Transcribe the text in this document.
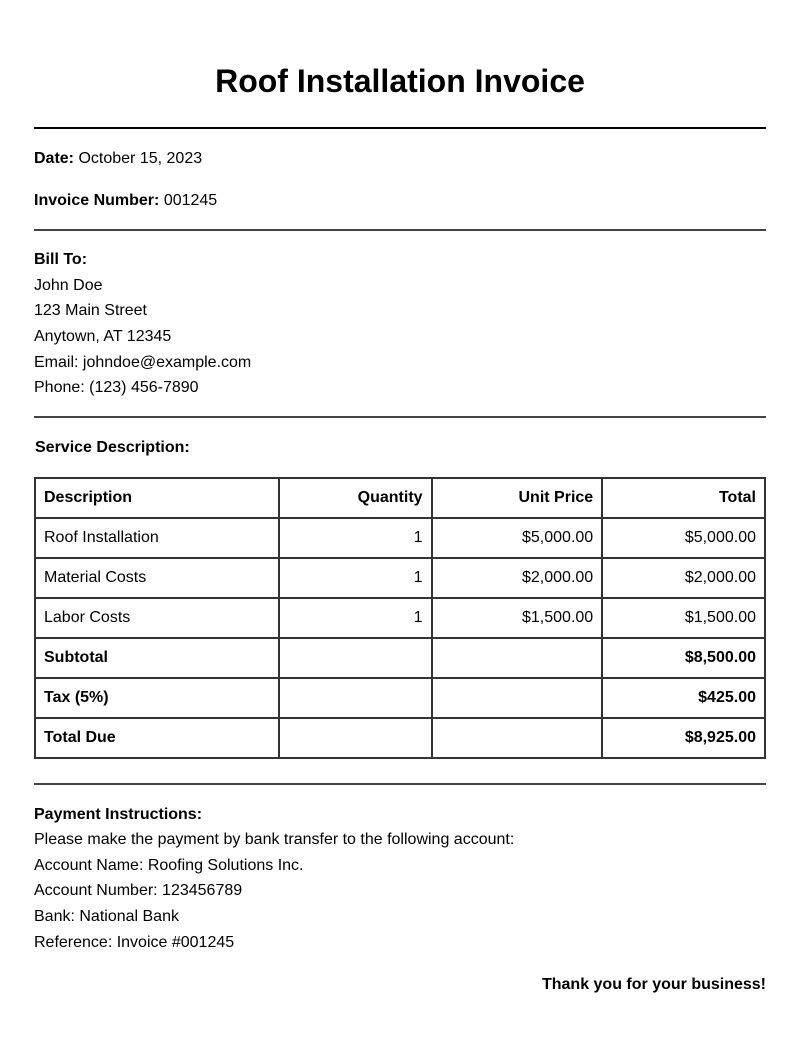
Roof Installation Invoice
Date: October 15, 2023
Invoice Number: 001245
Bill To:
John Doe
123 Main Street
Anytown, AT 12345
Email: johndoe@example.com
Phone: (123) 456-7890
Service Description:
Description	Quantity	Unit Price	Total
Roof Installation	1	$5,000.00	$5,000.00
Material Costs	1	$2,000.00	$2,000.00
Labor Costs	1	$1,500.00	$1,500.00
Subtotal			$8,500.00
Tax (5%)			$425.00
Total Due			$8,925.00
Payment Instructions:
Please make the payment by bank transfer to the following account:
Account Name: Roofing Solutions Inc.
Account Number: 123456789
Bank: National Bank
Reference: Invoice #001245
Thank you for your business!
